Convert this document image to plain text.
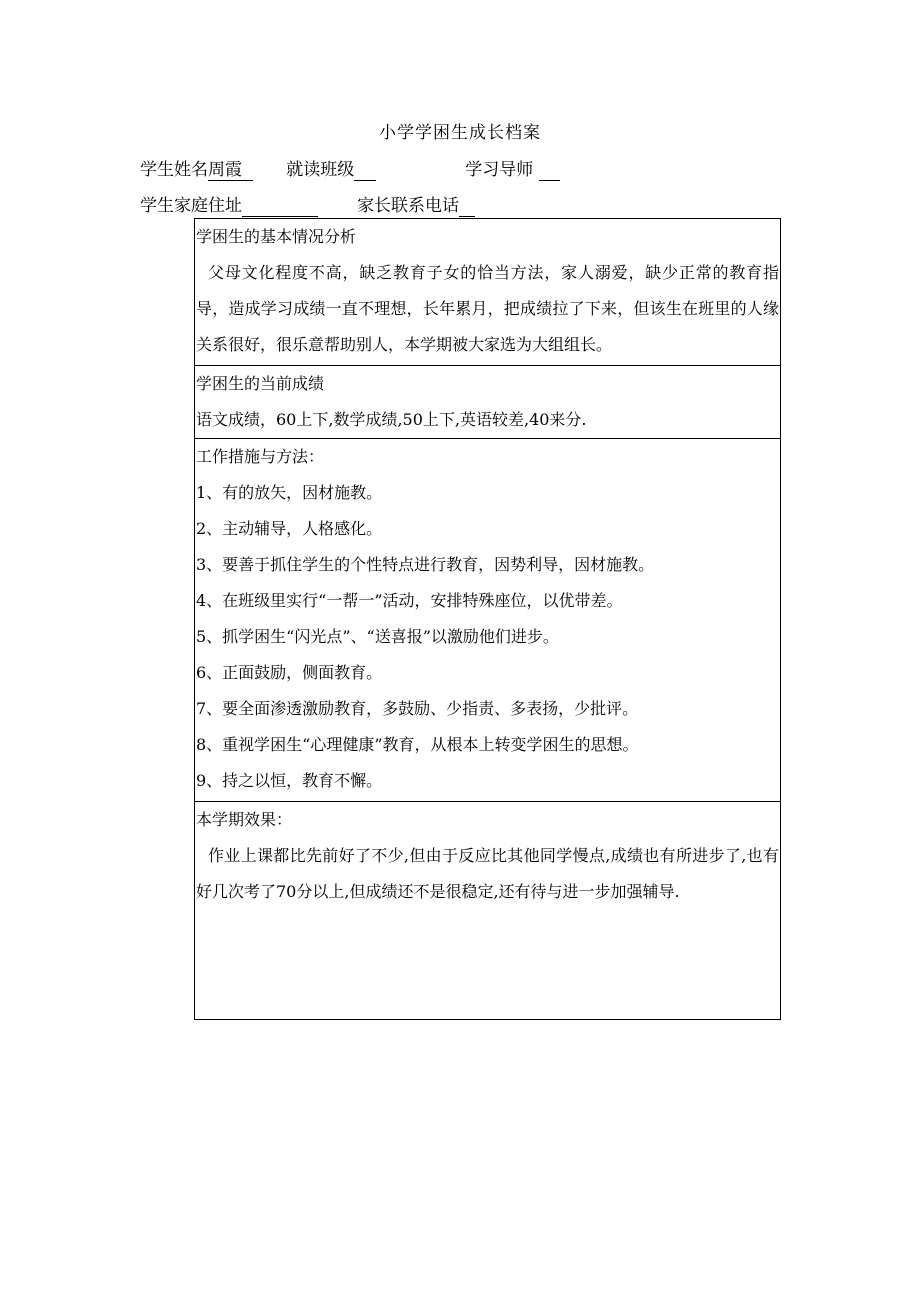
小学学困生成长档案
学生姓名周霞	就读班级	学习导师
学生家庭住址	家长联系电话
学困生的基本情况分析

父母文化程度不高，缺乏教育子女的恰当方法，家人溺爱，缺少正常的教育指导，造成学习成绩一直不理想，长年累月，把成绩拉了下来，但该生在班里的人缘关系很好，很乐意帮助别人，本学期被大家选为大组组长。

学困生的当前成绩
语文成绩，60上下,数学成绩,50上下,英语较差,40来分.
工作措施与方法：
1、有的放矢，因材施教。
2、主动辅导，人格感化。
3、要善于抓住学生的个性特点进行教育，因势利导，因材施教。
4、在班级里实行“一帮一”活动，安排特殊座位，以优带差。
5、抓学困生“闪光点”、“送喜报”以激励他们进步。
6、正面鼓励，侧面教育。
7、要全面渗透激励教育，多鼓励、少指责、多表扬，少批评。
8、重视学困生“心理健康”教育，从根本上转变学困生的思想。
9、持之以恒，教育不懈。
本学期效果：

作业上课都比先前好了不少,但由于反应比其他同学慢点,成绩也有所进步了,也有好几次考了70分以上,但成绩还不是很稳定,还有待与进一步加强辅导.
